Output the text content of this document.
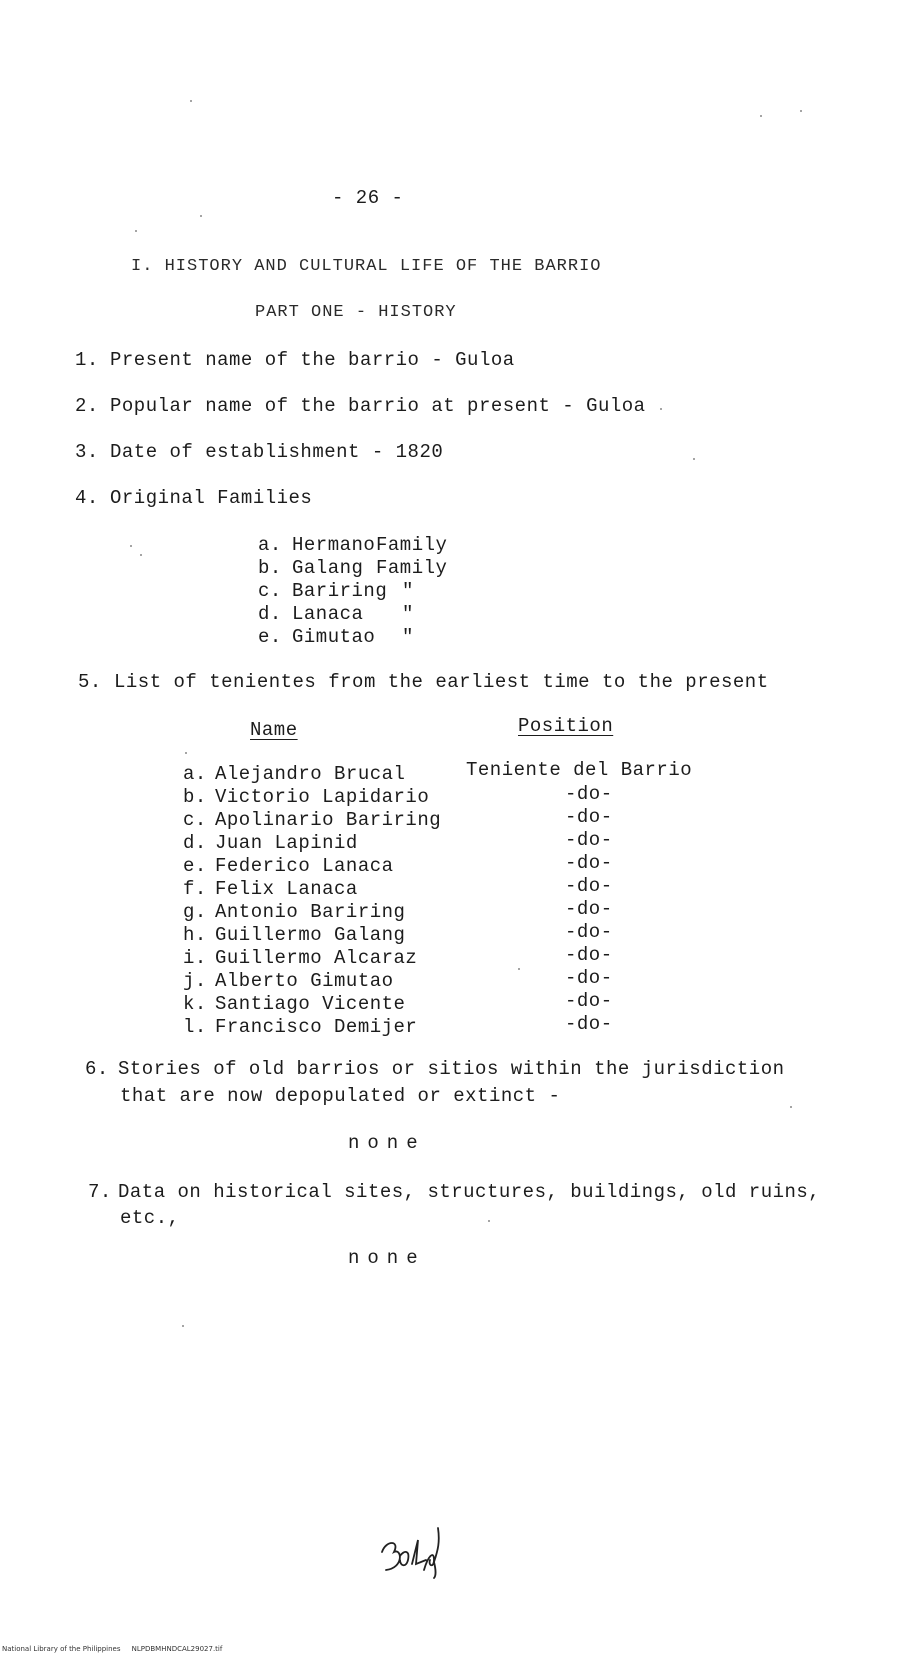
- 26 -
I. HISTORY AND CULTURAL LIFE OF THE BARRIO
PART ONE - HISTORY
1. Present name of the barrio - Guloa
2. Popular name of the barrio at present - Guloa
3. Date of establishment - 1820
4. Original Families
a. Hermano Family
b. Galang Family
c. Bariring "
d. Lanaca "
e. Gimutao "
5. List of tenientes from the earliest time to the present
Name	Position
a. Alejandro Brucal	Teniente del Barrio
b. Victorio Lapidario	-do-
c. Apolinario Bariring	-do-
d. Juan Lapinid	-do-
e. Federico Lanaca	-do-
f. Felix Lanaca	-do-
g. Antonio Bariring	-do-
h. Guillermo Galang	-do-
i. Guillermo Alcaraz	-do-
j. Alberto Gimutao	-do-
k. Santiago Vicente	-do-
l. Francisco Demijer	-do-
6. Stories of old barrios or sitios within the jurisdiction
that are now depopulated or extinct -
none
7. Data on historical sites, structures, buildings, old ruins,
etc.,
none
National Library of the Philippines     NLPDBMHNDCAL29027.tif
